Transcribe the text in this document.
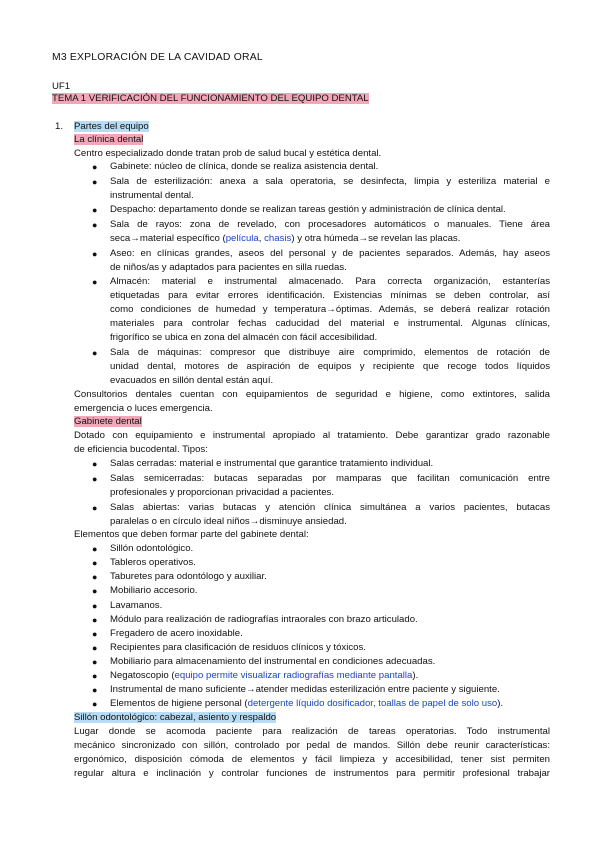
M3 EXPLORACIÓN DE LA CAVIDAD ORAL
UF1
TEMA 1 VERIFICACIÓN DEL FUNCIONAMIENTO DEL EQUIPO DENTAL
1. Partes del equipo
La clínica dental
Centro especializado donde tratan prob de salud bucal y estética dental.
● Gabinete: núcleo de clínica, donde se realiza asistencia dental.
● Sala de esterilización: anexa a sala operatoria, se desinfecta, limpia y esteriliza material e
instrumental dental.
● Despacho: departamento donde se realizan tareas gestión y administración de clínica dental.
● Sala de rayos: zona de revelado, con procesadores automáticos o manuales. Tiene área
seca→material específico (película, chasis) y otra húmeda→se revelan las placas.
● Aseo: en clínicas grandes, aseos del personal y de pacientes separados. Además, hay aseos
de niños/as y adaptados para pacientes en silla ruedas.
● Almacén: material e instrumental almacenado. Para correcta organización, estanterías
etiquetadas para evitar errores identificación. Existencias mínimas se deben controlar, así
como condiciones de humedad y temperatura→óptimas. Además, se deberá realizar rotación
materiales para controlar fechas caducidad del material e instrumental. Algunas clínicas,
frigorífico se ubica en zona del almacén con fácil accesibilidad.
● Sala de máquinas: compresor que distribuye aire comprimido, elementos de rotación de
unidad dental, motores de aspiración de equipos y recipiente que recoge todos líquidos
evacuados en sillón dental están aquí.
Consultorios dentales cuentan con equipamientos de seguridad e higiene, como extintores, salida
emergencia o luces emergencia.
Gabinete dental
Dotado con equipamiento e instrumental apropiado al tratamiento. Debe garantizar grado razonable
de eficiencia bucodental. Tipos:
● Salas cerradas: material e instrumental que garantice tratamiento individual.
● Salas semicerradas: butacas separadas por mamparas que facilitan comunicación entre
profesionales y proporcionan privacidad a pacientes.
● Salas abiertas: varias butacas y atención clínica simultánea a varios pacientes, butacas
paralelas o en círculo ideal niños→disminuye ansiedad.
Elementos que deben formar parte del gabinete dental:
● Sillón odontológico.
● Tableros operativos.
● Taburetes para odontólogo y auxiliar.
● Mobiliario accesorio.
● Lavamanos.
● Módulo para realización de radiografías intraorales con brazo articulado.
● Fregadero de acero inoxidable.
● Recipientes para clasificación de residuos clínicos y tóxicos.
● Mobiliario para almacenamiento del instrumental en condiciones adecuadas.
● Negatoscopio (equipo permite visualizar radiografías mediante pantalla).
● Instrumental de mano suficiente→atender medidas esterilización entre paciente y siguiente.
● Elementos de higiene personal (detergente líquido dosificador, toallas de papel de solo uso).
Sillón odontológico: cabezal, asiento y respaldo
Lugar donde se acomoda paciente para realización de tareas operatorias. Todo instrumental
mecánico sincronizado con sillón, controlado por pedal de mandos. Sillón debe reunir características:
ergonómico, disposición cómoda de elementos y fácil limpieza y accesibilidad, tener sist permiten
regular altura e inclinación y controlar funciones de instrumentos para permitir profesional trabajar
